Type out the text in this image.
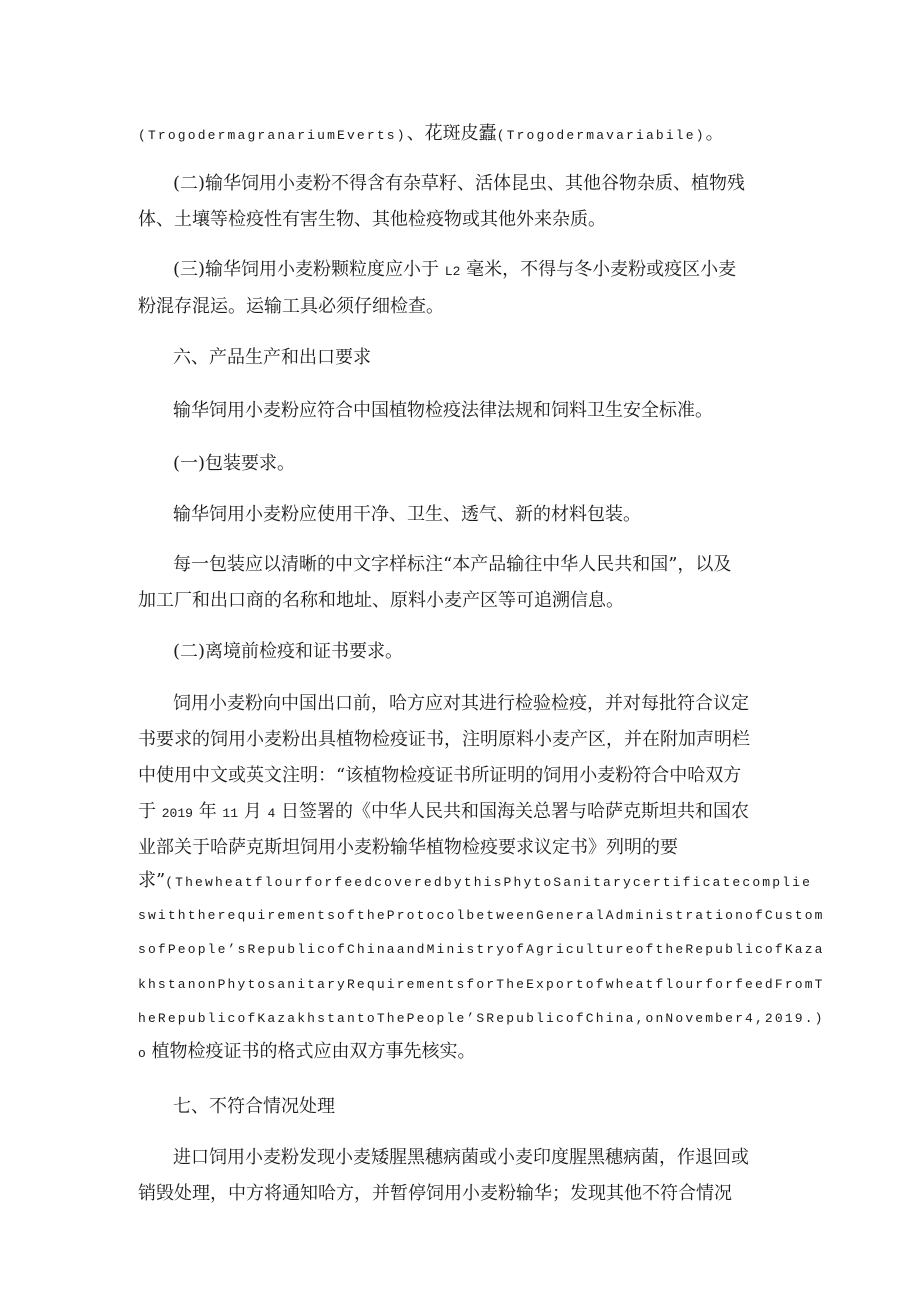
(TrogodermagranariumEverts)、花斑皮蠹(Trogodermavariabile)。
(二)输华饲用小麦粉不得含有杂草籽、活体昆虫、其他谷物杂质、植物残
体、土壤等检疫性有害生物、其他检疫物或其他外来杂质。
(三)输华饲用小麦粉颗粒度应小于 L2 毫米，不得与冬小麦粉或疫区小麦
粉混存混运。运输工具必须仔细检查。
六、产品生产和出口要求
输华饲用小麦粉应符合中国植物检疫法律法规和饲料卫生安全标准。
(一)包装要求。
输华饲用小麦粉应使用干净、卫生、透气、新的材料包装。
每一包装应以清晰的中文字样标注“本产品输往中华人民共和国”，以及
加工厂和出口商的名称和地址、原料小麦产区等可追溯信息。
(二)离境前检疫和证书要求。
饲用小麦粉向中国出口前，哈方应对其进行检验检疫，并对每批符合议定
书要求的饲用小麦粉出具植物检疫证书，注明原料小麦产区，并在附加声明栏
中使用中文或英文注明：“该植物检疫证书所证明的饲用小麦粉符合中哈双方
于 2019 年 11 月 4 日签署的《中华人民共和国海关总署与哈萨克斯坦共和国农
业部关于哈萨克斯坦饲用小麦粉输华植物检疫要求议定书》列明的要
求”(ThewheatflourforfeedcoveredbythisPhytoSanitarycertificatecomplie
swiththerequirementsoftheProtocolbetweenGeneralAdministrationofCustom
sofPeople’sRepublicofChinaandMinistryofAgricultureoftheRepublicofKaza
khstanonPhytosanitaryRequirementsforTheExportofwheatflourforfeedFromT
heRepublicofKazakhstantoThePeople’SRepublicofChina,onNovember4,2019.)
o 植物检疫证书的格式应由双方事先核实。
七、不符合情况处理
进口饲用小麦粉发现小麦矮腥黑穗病菌或小麦印度腥黑穗病菌，作退回或
销毁处理，中方将通知哈方，并暂停饲用小麦粉输华；发现其他不符合情况
